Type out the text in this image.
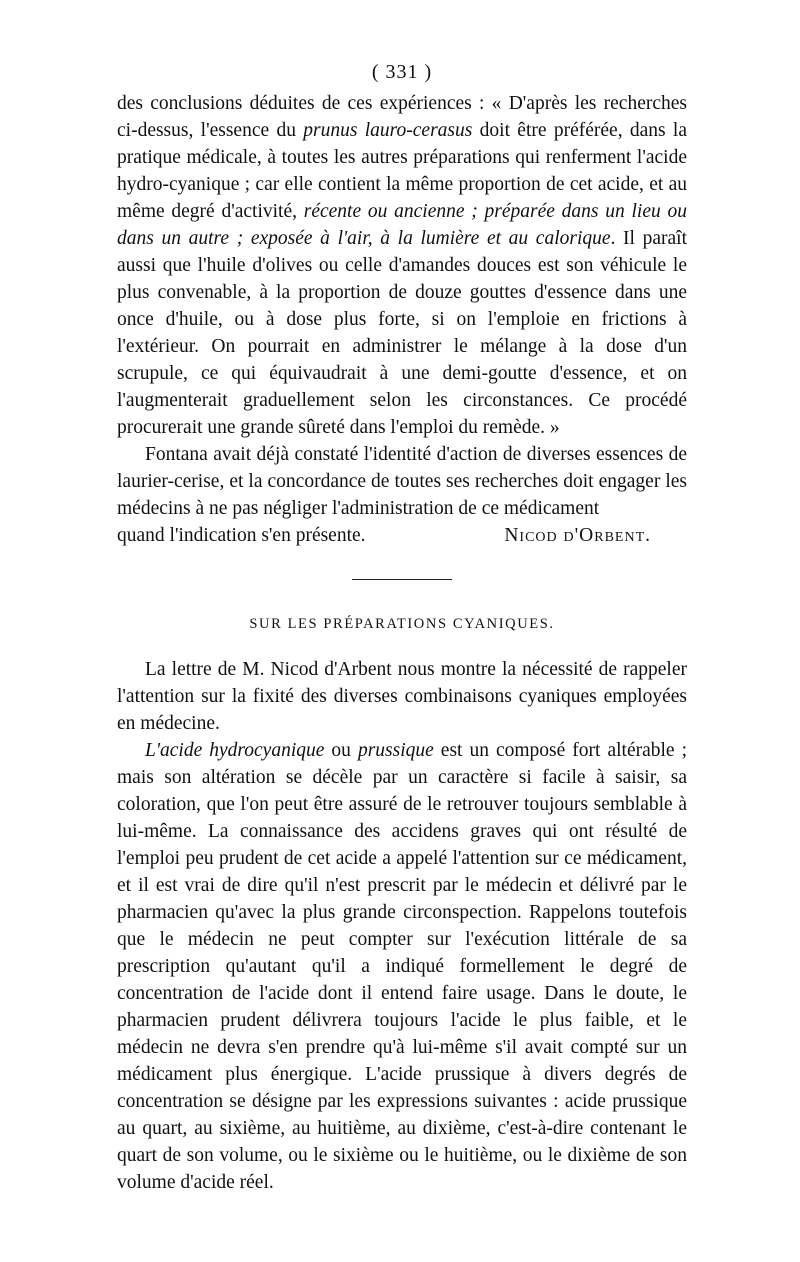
( 331 )

des conclusions déduites de ces expériences : « D'après les recherches ci-dessus, l'essence du prunus lauro-cerasus doit être préférée, dans la pratique médicale, à toutes les autres préparations qui renferment l'acide hydro-cyanique ; car elle contient la même proportion de cet acide, et au même degré d'activité, récente ou ancienne ; préparée dans un lieu ou dans un autre ; exposée à l'air, à la lumière et au calorique. Il paraît aussi que l'huile d'olives ou celle d'amandes douces est son véhicule le plus convenable, à la proportion de douze gouttes d'essence dans une once d'huile, ou à dose plus forte, si on l'emploie en frictions à l'extérieur. On pourrait en administrer le mélange à la dose d'un scrupule, ce qui équivaudrait à une demi-goutte d'essence, et on l'augmenterait graduellement selon les circonstances. Ce procédé procurerait une grande sûreté dans l'emploi du remède. »

Fontana avait déjà constaté l'identité d'action de diverses essences de laurier-cerise, et la concordance de toutes ses recherches doit engager les médecins à ne pas négliger l'administration de ce médicament

quand l'indication s'en présente.	Nicod d'Orbent.
SUR LES PRÉPARATIONS CYANIQUES.

La lettre de M. Nicod d'Arbent nous montre la nécessité de rappeler l'attention sur la fixité des diverses combinaisons cyaniques employées en médecine.

L'acide hydrocyanique ou prussique est un composé fort altérable ; mais son altération se décèle par un caractère si facile à saisir, sa coloration, que l'on peut être assuré de le retrouver toujours semblable à lui-même. La connaissance des accidens graves qui ont résulté de l'emploi peu prudent de cet acide a appelé l'attention sur ce médicament, et il est vrai de dire qu'il n'est prescrit par le médecin et délivré par le pharmacien qu'avec la plus grande circonspection. Rappelons toutefois que le médecin ne peut compter sur l'exécution littérale de sa prescription qu'autant qu'il a indiqué formellement le degré de concentration de l'acide dont il entend faire usage. Dans le doute, le pharmacien prudent délivrera toujours l'acide le plus faible, et le médecin ne devra s'en prendre qu'à lui-même s'il avait compté sur un médicament plus énergique. L'acide prussique à divers degrés de concentration se désigne par les expressions suivantes : acide prussique au quart, au sixième, au huitième, au dixième, c'est-à-dire contenant le quart de son volume, ou le sixième ou le huitième, ou le dixième de son volume d'acide réel.
